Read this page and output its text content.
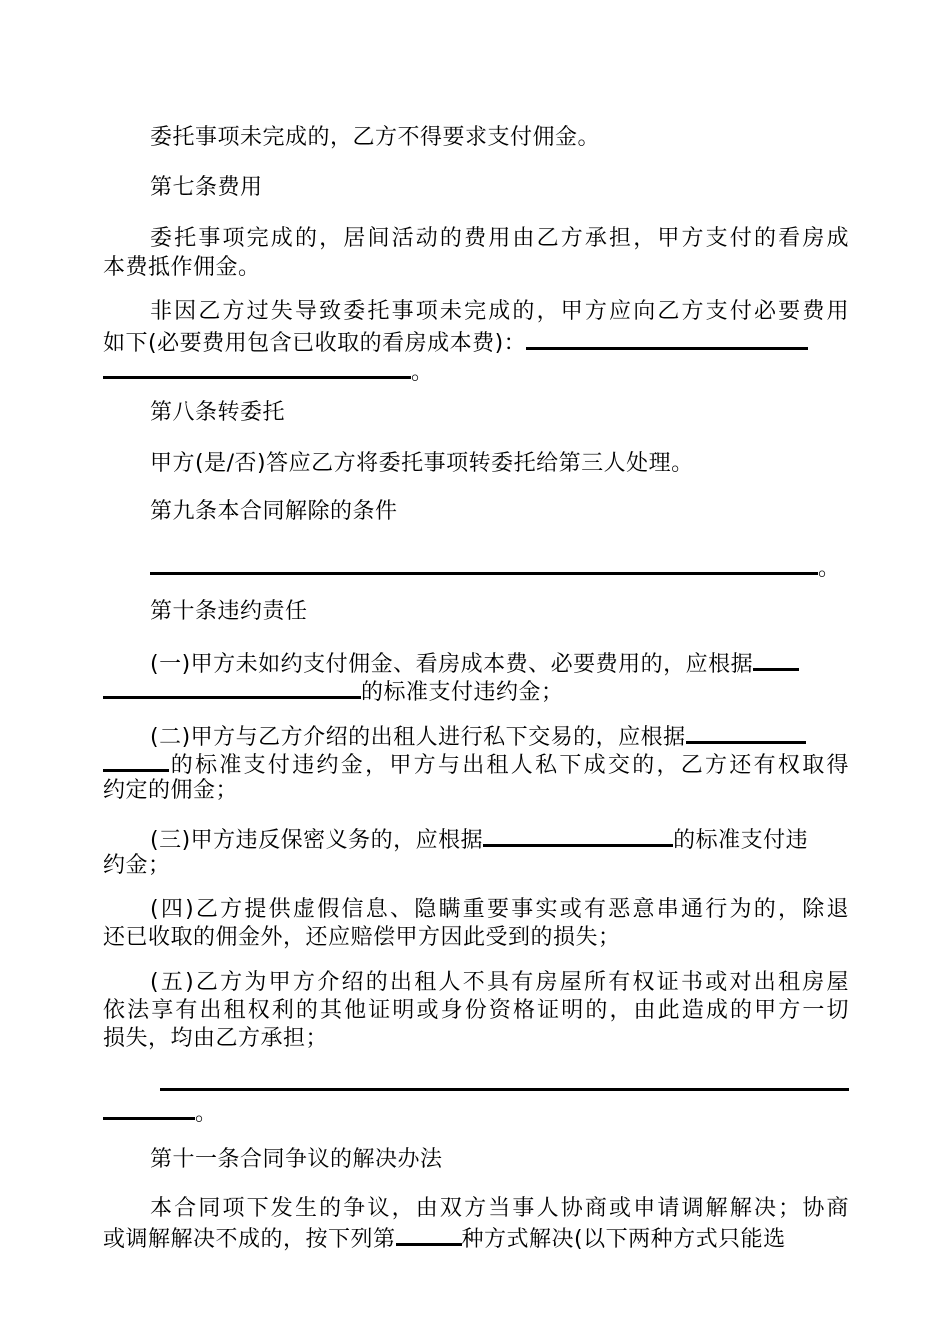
委托事项未完成的，乙方不得要求支付佣金。
第七条费用
委托事项完成的，居间活动的费用由乙方承担，甲方支付的看房成
本费抵作佣金。
非因乙方过失导致委托事项未完成的，甲方应向乙方支付必要费用
如下(必要费用包含已收取的看房成本费)：
。
第八条转委托
甲方(是/否)答应乙方将委托事项转委托给第三人处理。
第九条本合同解除的条件
。
第十条违约责任
(一)甲方未如约支付佣金、看房成本费、必要费用的，应根据
的标准支付违约金；
(二)甲方与乙方介绍的出租人进行私下交易的，应根据
的标准支付违约金，甲方与出租人私下成交的，乙方还有权取得
约定的佣金；
(三)甲方违反保密义务的，应根据	的标准支付违
约金；
(四)乙方提供虚假信息、隐瞒重要事实或有恶意串通行为的，除退
还已收取的佣金外，还应赔偿甲方因此受到的损失；
(五)乙方为甲方介绍的出租人不具有房屋所有权证书或对出租房屋
依法享有出租权利的其他证明或身份资格证明的，由此造成的甲方一切
损失，均由乙方承担；
。
第十一条合同争议的解决办法
本合同项下发生的争议，由双方当事人协商或申请调解解决；协商
或调解解决不成的，按下列第	种方式解决(以下两种方式只能选
